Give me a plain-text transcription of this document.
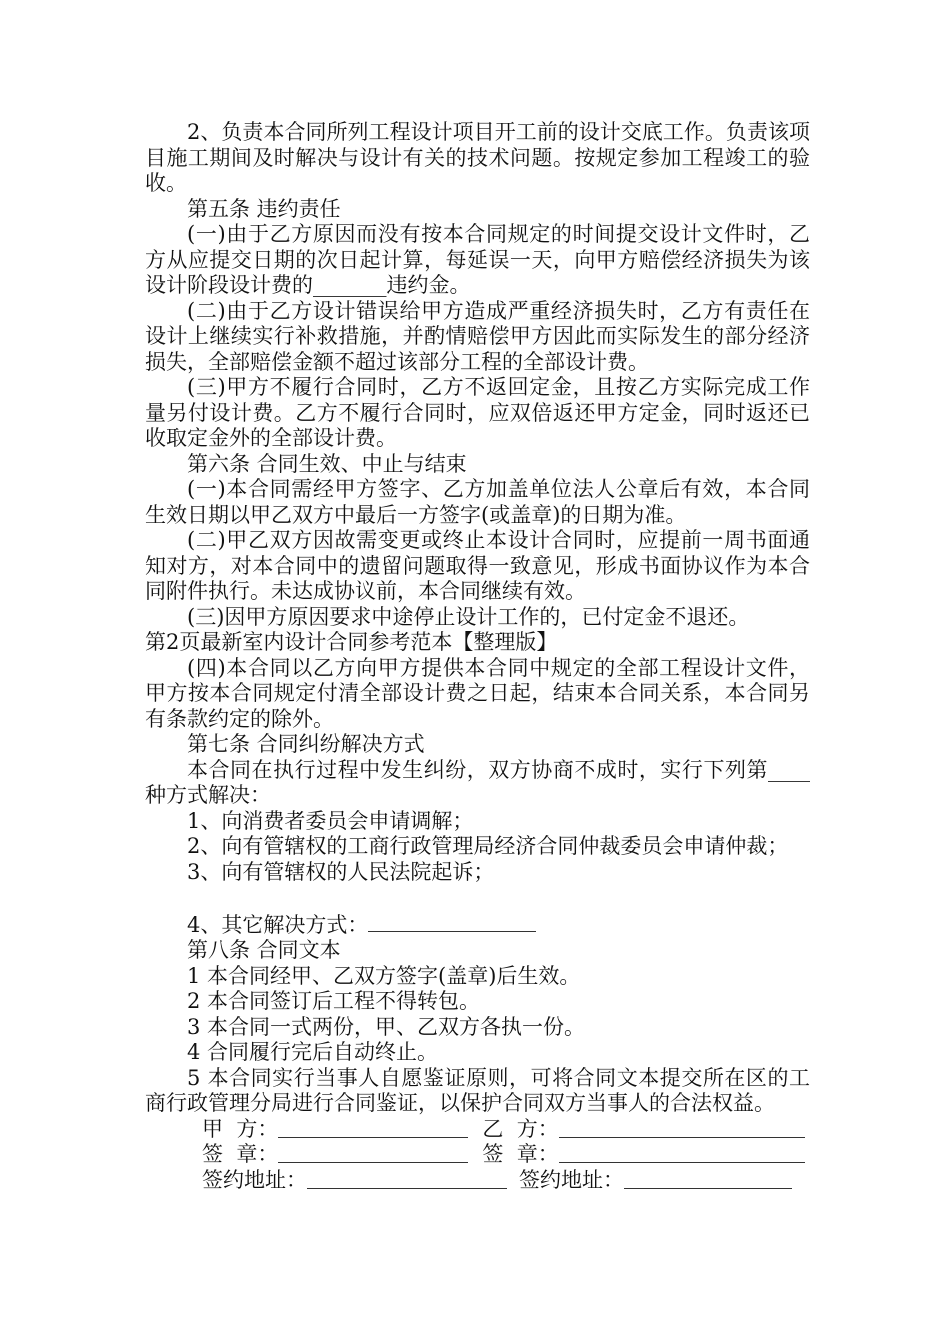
2、负责本合同所列工程设计项目开工前的设计交底工作。负责该项目施工期间及时解决与设计有关的技术问题。按规定参加工程竣工的验收。

第五条 违约责任

(一)由于乙方原因而没有按本合同规定的时间提交设计文件时，乙方从应提交日期的次日起计算，每延误一天，向甲方赔偿经济损失为该设计阶段设计费的_______违约金。

(二)由于乙方设计错误给甲方造成严重经济损失时，乙方有责任在设计上继续实行补救措施，并酌情赔偿甲方因此而实际发生的部分经济损失，全部赔偿金额不超过该部分工程的全部设计费。

(三)甲方不履行合同时，乙方不返回定金，且按乙方实际完成工作量另付设计费。乙方不履行合同时，应双倍返还甲方定金，同时返还已收取定金外的全部设计费。

第六条 合同生效、中止与结束

(一)本合同需经甲方签字、乙方加盖单位法人公章后有效，本合同生效日期以甲乙双方中最后一方签字(或盖章)的日期为准。

(二)甲乙双方因故需变更或终止本设计合同时，应提前一周书面通知对方，对本合同中的遗留问题取得一致意见，形成书面协议作为本合同附件执行。未达成协议前，本合同继续有效。

(三)因甲方原因要求中途停止设计工作的，已付定金不退还。

第2页最新室内设计合同参考范本【整理版】

(四)本合同以乙方向甲方提供本合同中规定的全部工程设计文件，甲方按本合同规定付清全部设计费之日起，结束本合同关系，本合同另有条款约定的除外。

第七条 合同纠纷解决方式

本合同在执行过程中发生纠纷，双方协商不成时，实行下列第____种方式解决：

1、向消费者委员会申请调解；

2、向有管辖权的工商行政管理局经济合同仲裁委员会申请仲裁；

3、向有管辖权的人民法院起诉；

4、其它解决方式：

第八条 合同文本

1 本合同经甲、乙双方签字(盖章)后生效。

2 本合同签订后工程不得转包。

3 本合同一式两份，甲、乙双方各执一份。

4 合同履行完后自动终止。

5 本合同实行当事人自愿鉴证原则，可将合同文本提交所在区的工商行政管理分局进行合同鉴证，以保护合同双方当事人的合法权益。

甲  方：	乙  方：
签  章：	签  章：
签约地址：	签约地址：
